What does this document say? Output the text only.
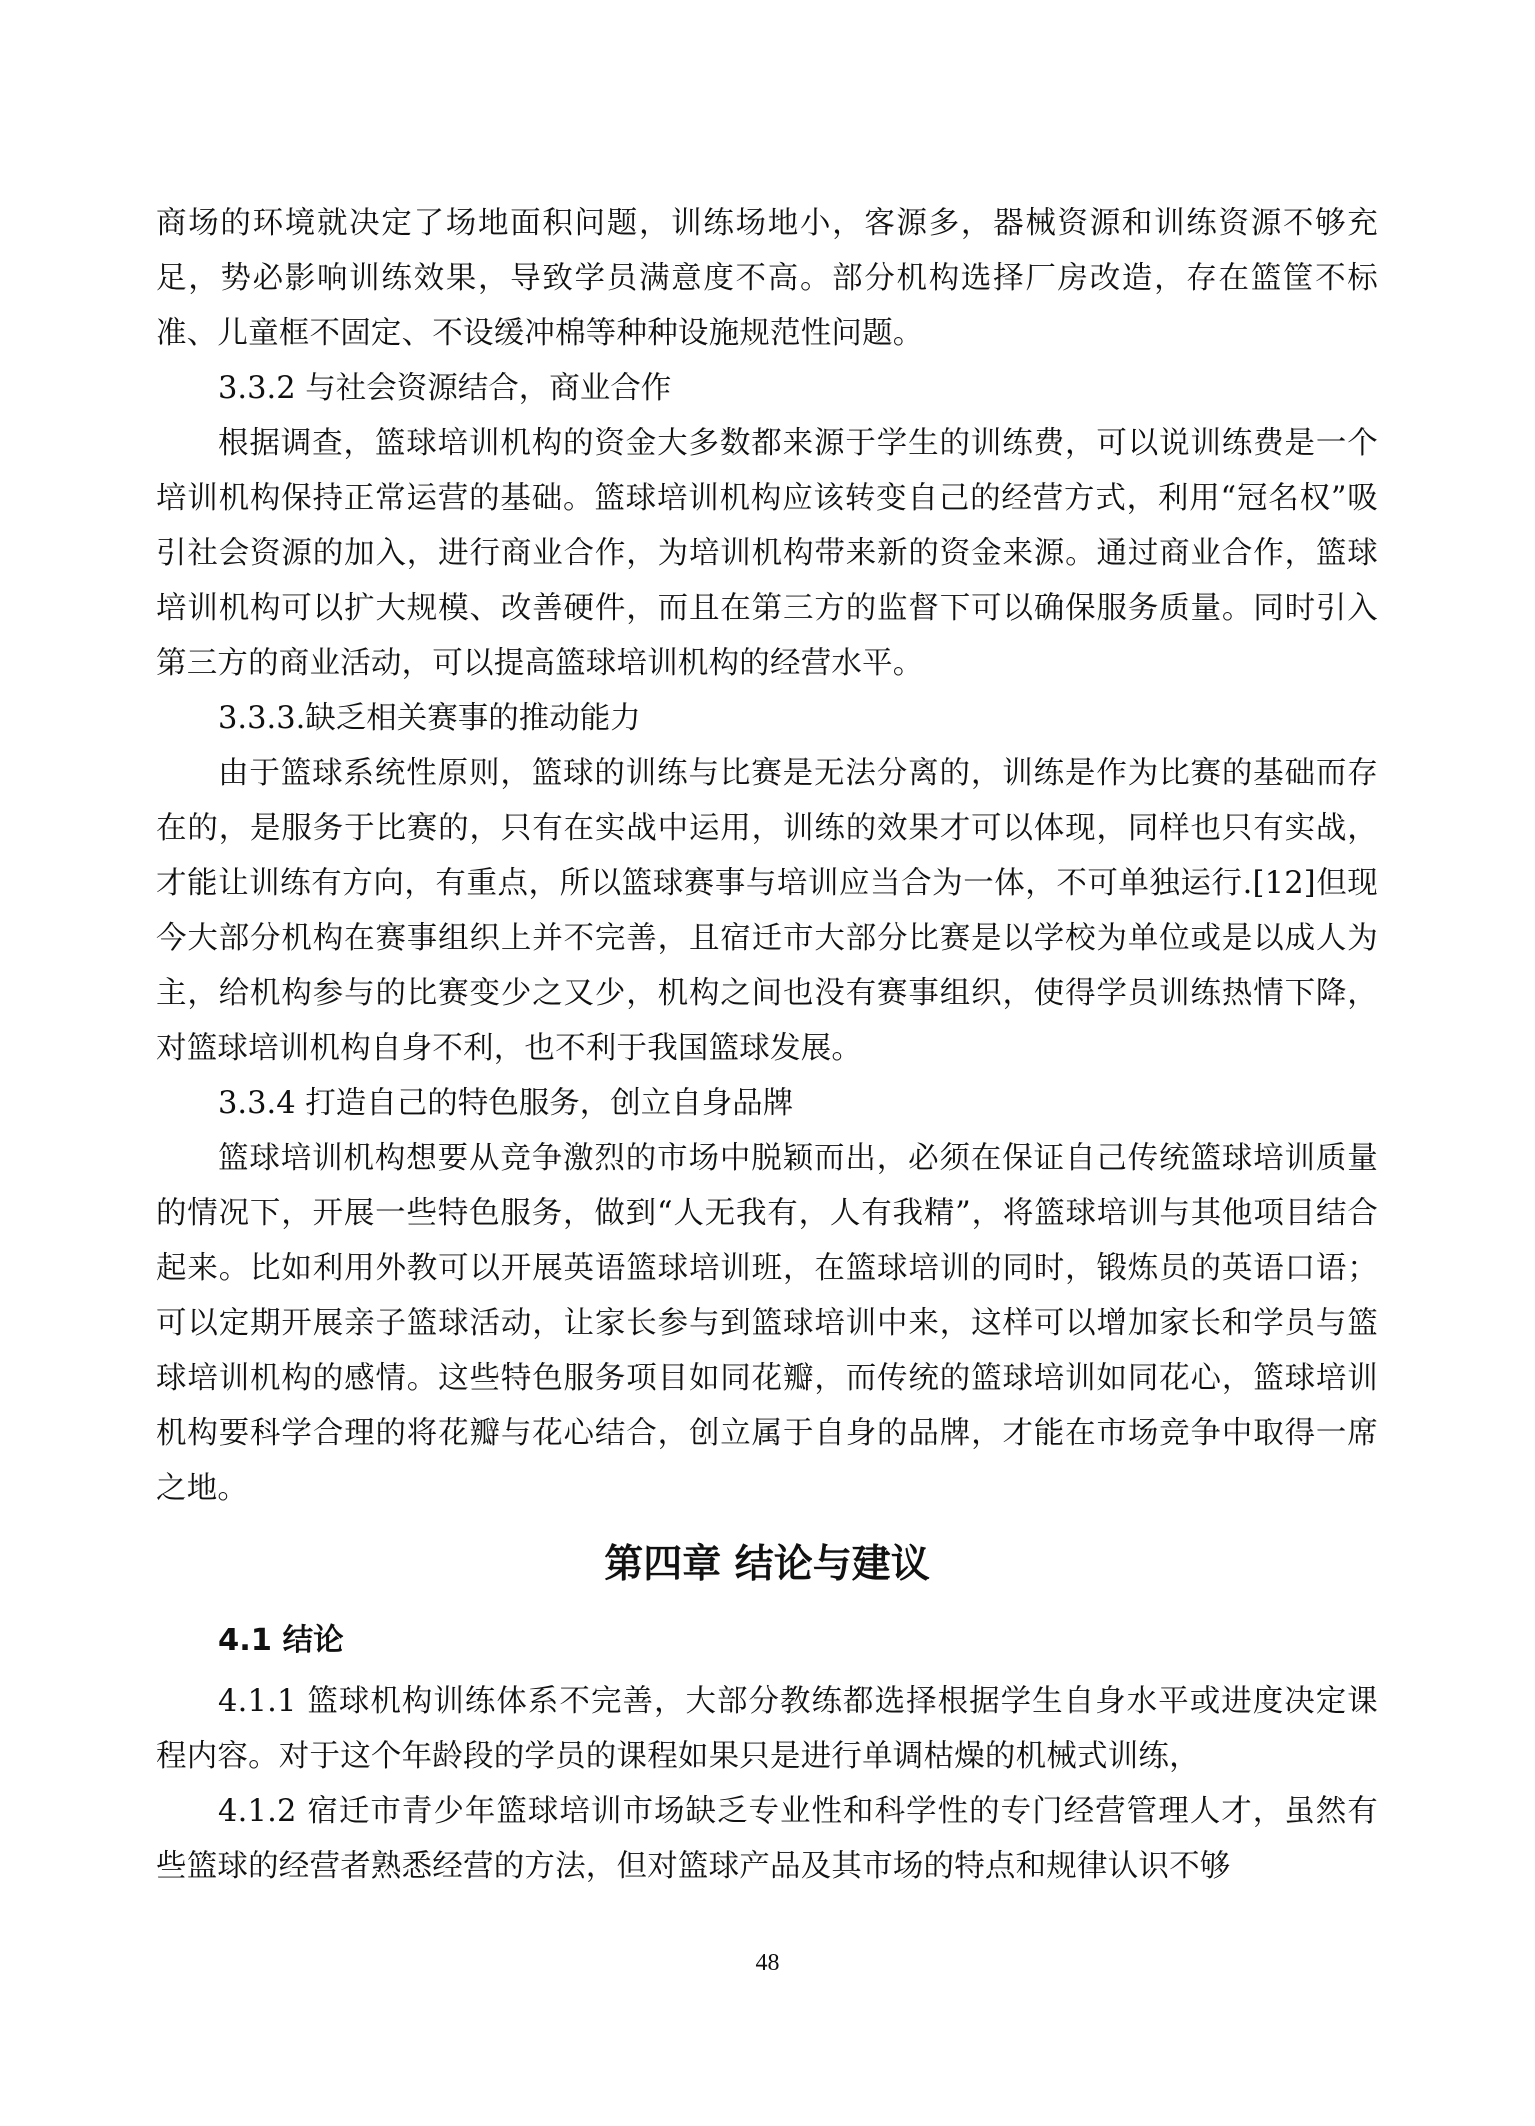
商场的环境就决定了场地面积问题，训练场地小，客源多，器械资源和训练资源不够充足，势必影响训练效果，导致学员满意度不高。部分机构选择厂房改造，存在篮筐不标准、儿童框不固定、不设缓冲棉等种种设施规范性问题。

3.3.2 与社会资源结合，商业合作

根据调查，篮球培训机构的资金大多数都来源于学生的训练费，可以说训练费是一个培训机构保持正常运营的基础。篮球培训机构应该转变自己的经营方式，利用“冠名权”吸引社会资源的加入，进行商业合作，为培训机构带来新的资金来源。通过商业合作，篮球培训机构可以扩大规模、改善硬件，而且在第三方的监督下可以确保服务质量。同时引入第三方的商业活动，可以提高篮球培训机构的经营水平。

3.3.3.缺乏相关赛事的推动能力

由于篮球系统性原则，篮球的训练与比赛是无法分离的，训练是作为比赛的基础而存在的，是服务于比赛的，只有在实战中运用，训练的效果才可以体现，同样也只有实战，才能让训练有方向，有重点，所以篮球赛事与培训应当合为一体，不可单独运行.[12]但现今大部分机构在赛事组织上并不完善，且宿迁市大部分比赛是以学校为单位或是以成人为主，给机构参与的比赛变少之又少，机构之间也没有赛事组织，使得学员训练热情下降，对篮球培训机构自身不利，也不利于我国篮球发展。

3.3.4 打造自己的特色服务，创立自身品牌

篮球培训机构想要从竞争激烈的市场中脱颖而出，必须在保证自己传统篮球培训质量的情况下，开展一些特色服务，做到“人无我有，人有我精”，将篮球培训与其他项目结合起来。比如利用外教可以开展英语篮球培训班，在篮球培训的同时，锻炼员的英语口语；可以定期开展亲子篮球活动，让家长参与到篮球培训中来，这样可以增加家长和学员与篮球培训机构的感情。这些特色服务项目如同花瓣，而传统的篮球培训如同花心，篮球培训机构要科学合理的将花瓣与花心结合，创立属于自身的品牌，才能在市场竞争中取得一席之地。

第四章 结论与建议
4.1 结论

4.1.1 篮球机构训练体系不完善，大部分教练都选择根据学生自身水平或进度决定课程内容。对于这个年龄段的学员的课程如果只是进行单调枯燥的机械式训练，

4.1.2 宿迁市青少年篮球培训市场缺乏专业性和科学性的专门经营管理人才，虽然有些篮球的经营者熟悉经营的方法，但对篮球产品及其市场的特点和规律认识不够

48
